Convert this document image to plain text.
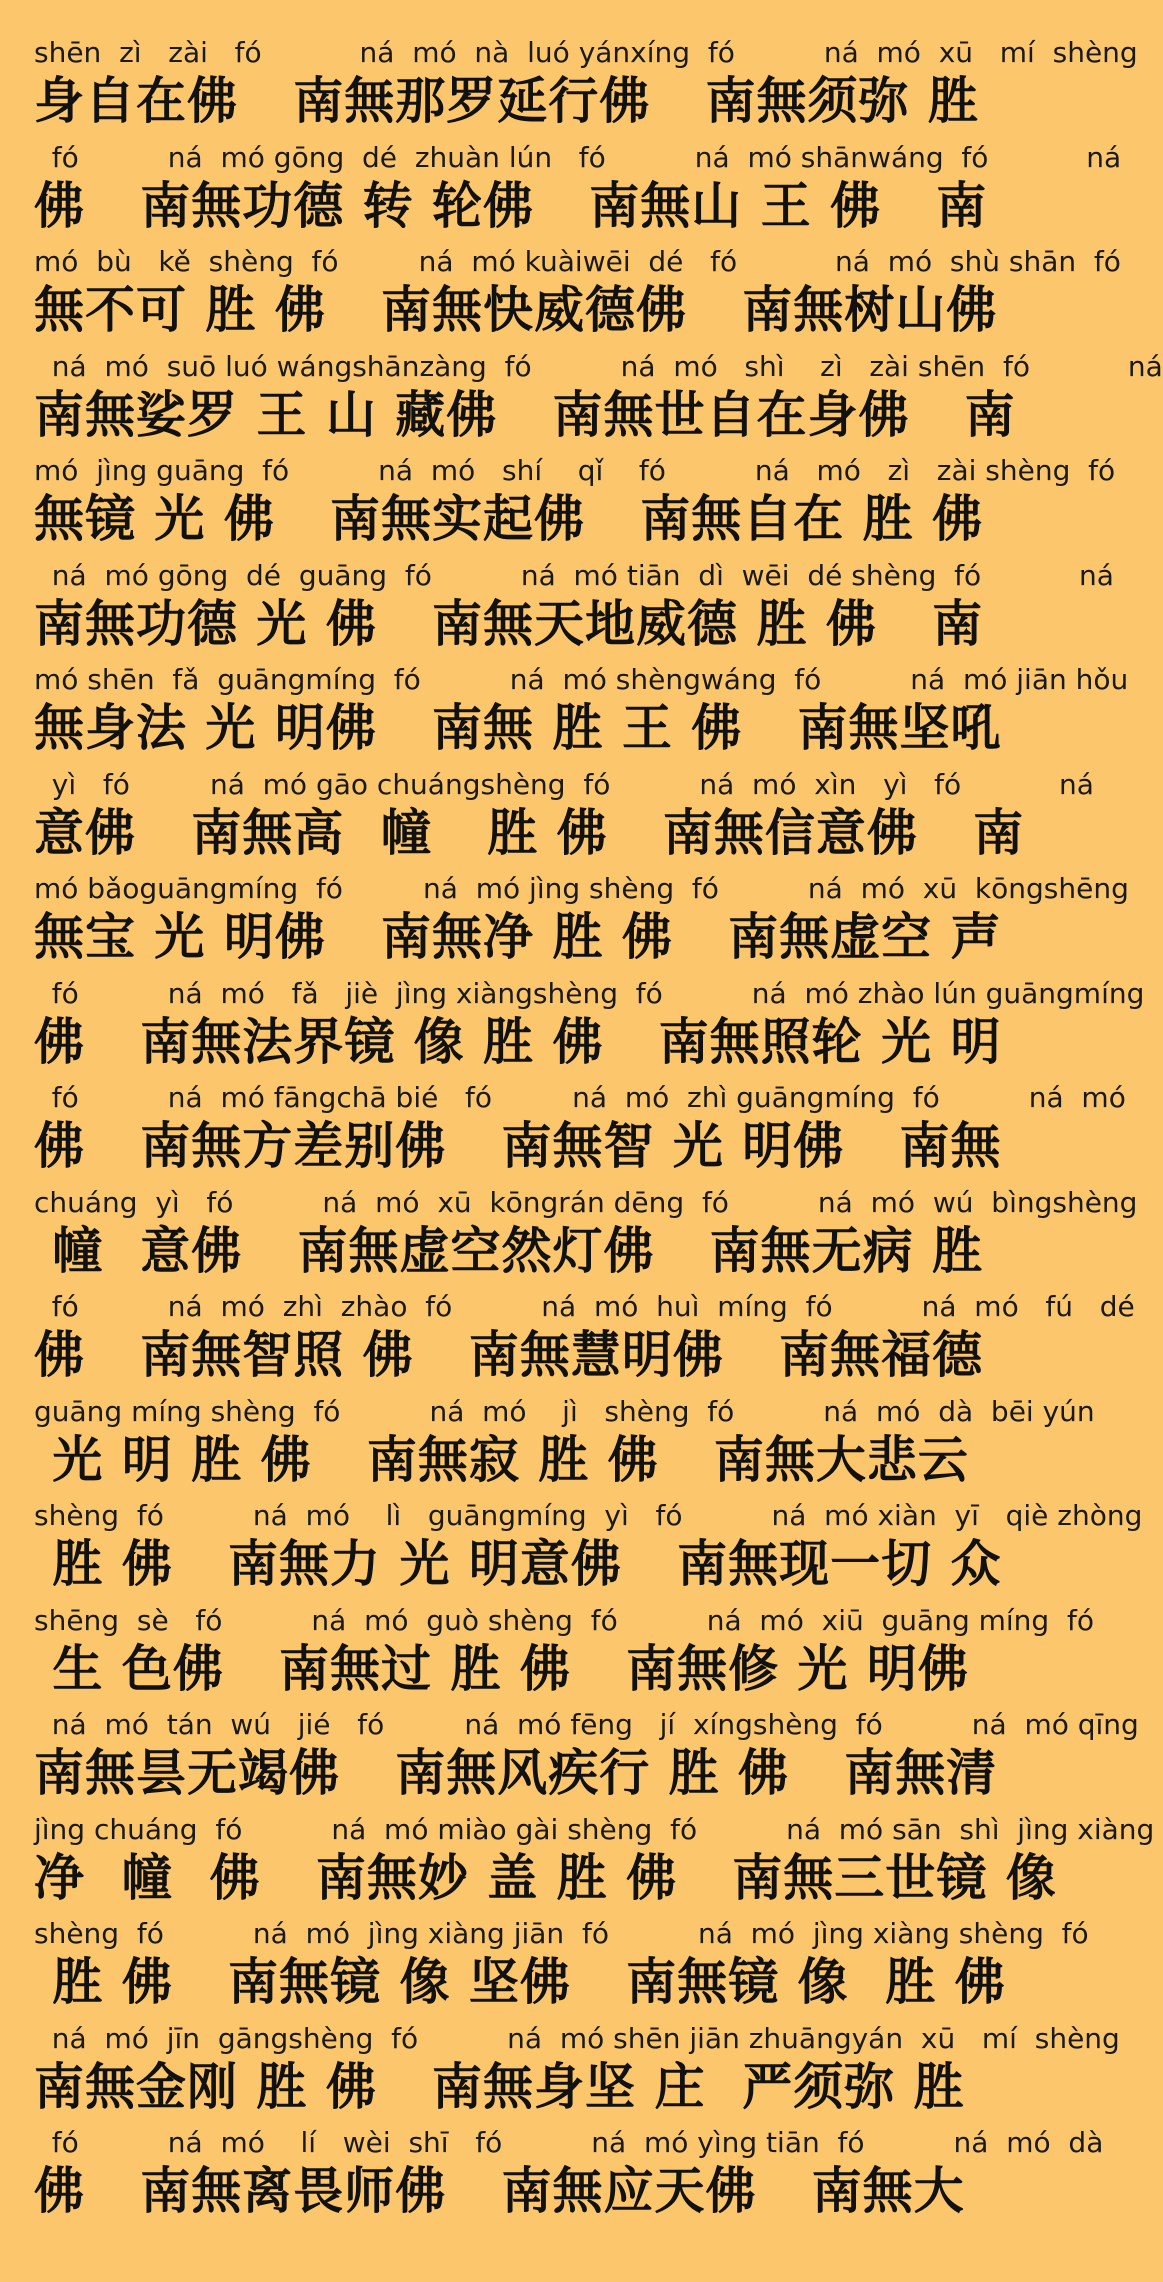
shēn  zì   zài   fó           ná  mó  nà  luó yánxíng  fó          ná  mó  xū   mí  shèng
身自在佛   南無那罗延行佛   南無须弥 胜
fó          ná  mó gōng  dé  zhuàn lún   fó          ná  mó shānwáng  fó           ná
佛   南無功德 转 轮佛   南無山 王 佛   南
mó  bù   kě  shèng  fó         ná  mó kuàiwēi  dé   fó           ná  mó  shù shān  fó
無不可 胜 佛   南無快威德佛   南無树山佛
ná  mó  suō luó wángshānzàng  fó          ná  mó   shì    zì   zài shēn  fó           ná
南無娑罗 王 山 藏佛   南無世自在身佛   南
mó  jìng guāng  fó          ná  mó   shí    qǐ    fó          ná   mó   zì   zài shèng  fó
無镜 光 佛   南無实起佛   南無自在 胜 佛
ná  mó gōng  dé  guāng  fó          ná  mó tiān  dì  wēi  dé shèng  fó           ná
南無功德 光 佛   南無天地威德 胜 佛   南
mó shēn  fǎ  guāngmíng  fó          ná  mó shèngwáng  fó          ná  mó jiān hǒu
無身法 光 明佛   南無 胜 王 佛   南無坚吼
yì   fó         ná  mó gāo chuángshèng  fó          ná  mó  xìn   yì   fó           ná
意佛   南無高  幢   胜 佛   南無信意佛   南
mó bǎoguāngmíng  fó         ná  mó jìng shèng  fó          ná  mó  xū  kōngshēng
無宝 光 明佛   南無净 胜 佛   南無虚空 声
fó          ná  mó   fǎ   jiè  jìng xiàngshèng  fó          ná  mó zhào lún guāngmíng
佛   南無法界镜 像 胜 佛   南無照轮 光 明
fó          ná  mó fāngchā bié   fó         ná  mó  zhì guāngmíng  fó          ná  mó
佛   南無方差别佛   南無智 光 明佛   南無
chuáng  yì   fó          ná  mó  xū  kōngrán dēng  fó          ná  mó  wú  bìngshèng
幢  意佛   南無虚空然灯佛   南無无病 胜
fó          ná  mó  zhì  zhào  fó          ná  mó  huì  míng  fó          ná  mó   fú   dé
佛   南無智照 佛   南無慧明佛   南無福德
guāng míng shèng  fó          ná  mó    jì   shèng  fó          ná  mó  dà  bēi yún
光 明 胜 佛   南無寂 胜 佛   南無大悲云
shèng  fó          ná  mó    lì   guāngmíng  yì   fó          ná  mó xiàn  yī   qiè zhòng
胜 佛   南無力 光 明意佛   南無现一切 众
shēng  sè   fó          ná  mó  guò shèng  fó          ná  mó  xiū  guāng míng  fó
生 色佛   南無过 胜 佛   南無修 光 明佛
ná  mó  tán  wú   jié   fó         ná  mó fēng   jí  xíngshèng  fó          ná  mó qīng
南無昙无竭佛   南無风疾行 胜 佛   南無清
jìng chuáng  fó          ná  mó miào gài shèng  fó          ná  mó sān  shì  jìng xiàng
净  幢  佛   南無妙 盖 胜 佛   南無三世镜 像
shèng  fó          ná  mó  jìng xiàng jiān  fó          ná  mó  jìng xiàng shèng  fó
胜 佛   南無镜 像 坚佛   南無镜 像  胜 佛
ná  mó  jīn  gāngshèng  fó          ná  mó shēn jiān zhuāngyán  xū   mí  shèng
南無金刚 胜 佛   南無身坚 庄  严须弥 胜
fó          ná  mó    lí   wèi  shī   fó          ná  mó yìng tiān  fó          ná  mó  dà
佛   南無离畏师佛   南無应天佛   南無大
